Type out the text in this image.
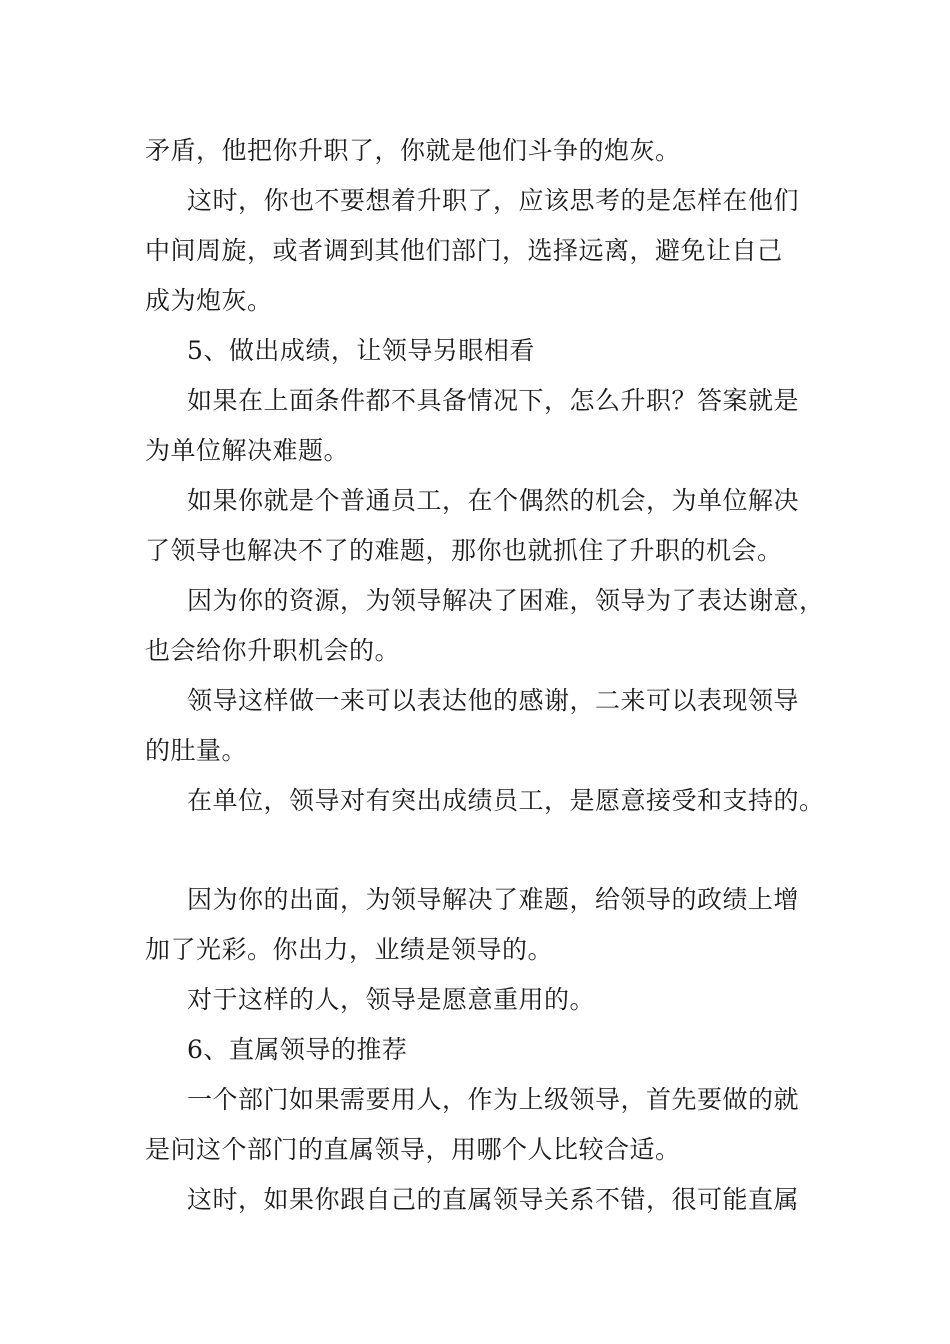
矛盾，他把你升职了，你就是他们斗争的炮灰。
这时，你也不要想着升职了，应该思考的是怎样在他们
中间周旋，或者调到其他们部门，选择远离，避免让自己
成为炮灰。
5、做出成绩，让领导另眼相看
如果在上面条件都不具备情况下，怎么升职？答案就是
为单位解决难题。
如果你就是个普通员工，在个偶然的机会，为单位解决
了领导也解决不了的难题，那你也就抓住了升职的机会。
因为你的资源，为领导解决了困难，领导为了表达谢意，
也会给你升职机会的。
领导这样做一来可以表达他的感谢，二来可以表现领导
的肚量。
在单位，领导对有突出成绩员工，是愿意接受和支持的。
因为你的出面，为领导解决了难题，给领导的政绩上增
加了光彩。你出力，业绩是领导的。
对于这样的人，领导是愿意重用的。
6、直属领导的推荐
一个部门如果需要用人，作为上级领导，首先要做的就
是问这个部门的直属领导，用哪个人比较合适。
这时，如果你跟自己的直属领导关系不错，很可能直属
